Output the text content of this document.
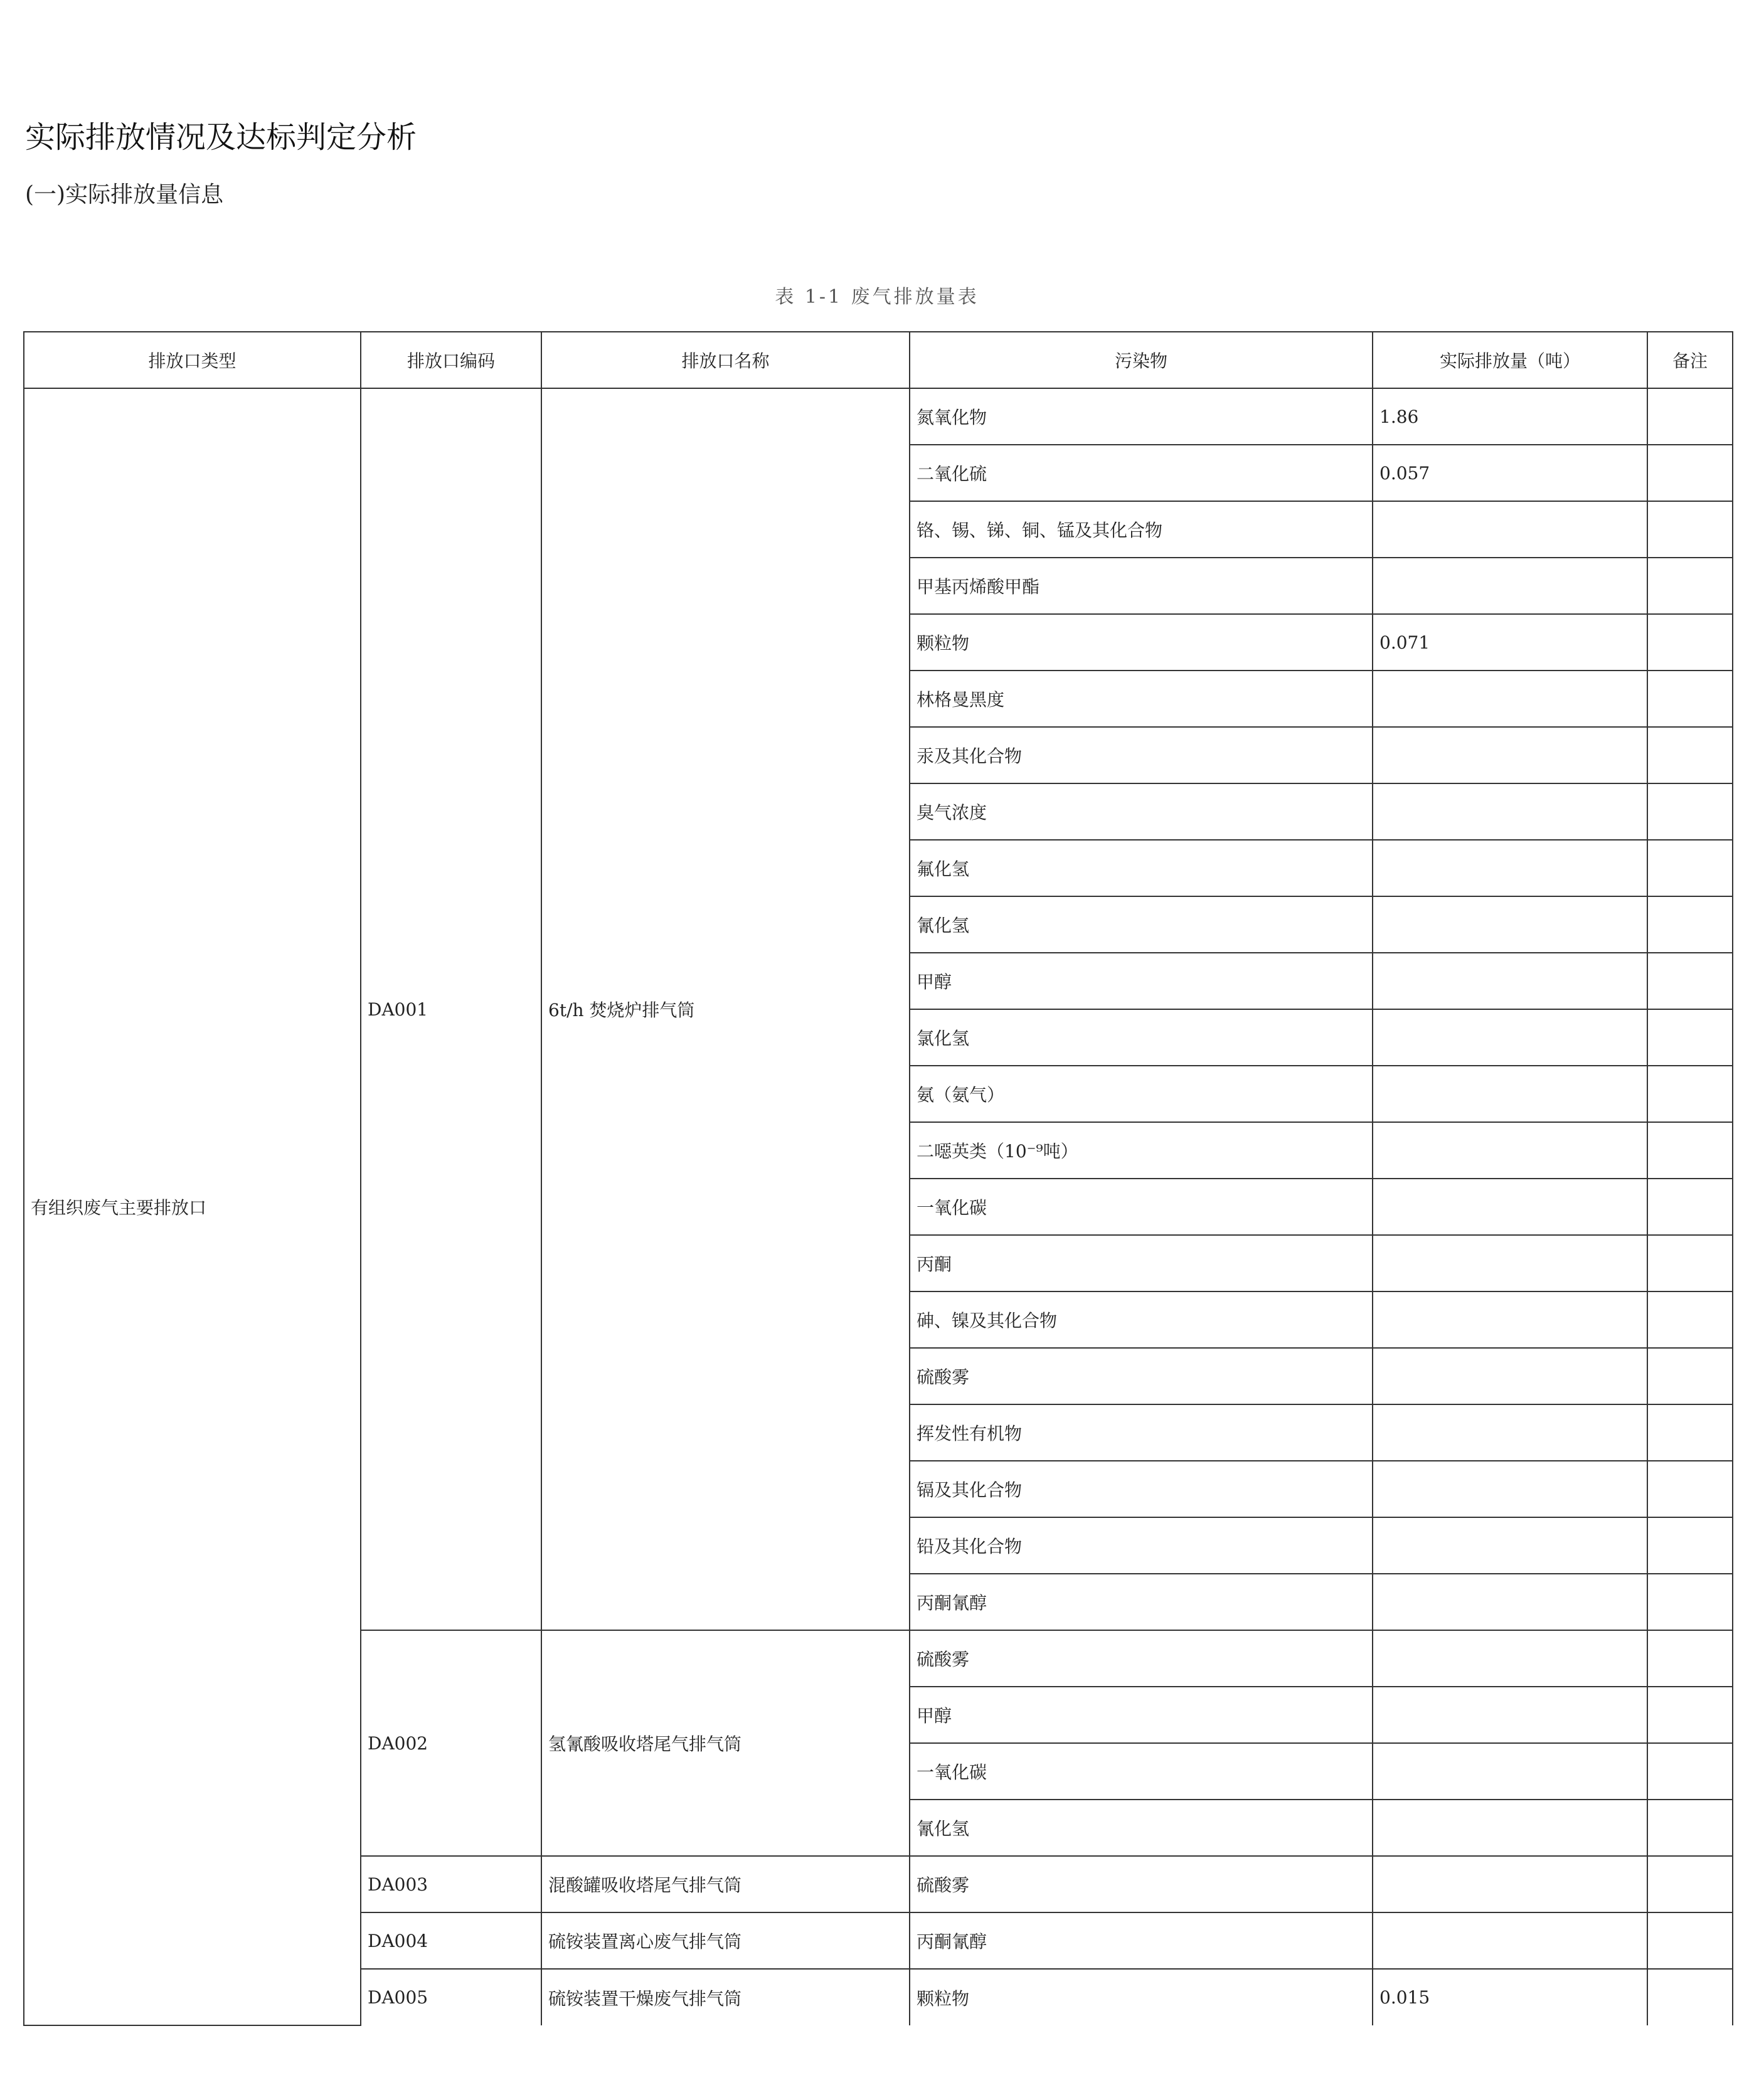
实际排放情况及达标判定分析
(一)实际排放量信息
表 1-1 废气排放量表
排放口类型	排放口编码	排放口名称	污染物	实际排放量（吨）	备注
有组织废气主要排放口	DA001	6t/h 焚烧炉排气筒	氮氧化物	1.86	
			二氧化硫	0.057	
			铬、锡、锑、铜、锰及其化合物		
			甲基丙烯酸甲酯		
			颗粒物	0.071	
			林格曼黑度		
			汞及其化合物		
			臭气浓度		
			氟化氢		
			氰化氢		
			甲醇		
			氯化氢		
			氨（氨气）		
			二噁英类（10⁻⁹吨）		
			一氧化碳		
			丙酮		
			砷、镍及其化合物		
			硫酸雾		
			挥发性有机物		
			镉及其化合物		
			铅及其化合物		
			丙酮氰醇		
	DA002	氢氰酸吸收塔尾气排气筒	硫酸雾		
			甲醇		
			一氧化碳		
			氰化氢		
	DA003	混酸罐吸收塔尾气排气筒	硫酸雾		
	DA004	硫铵装置离心废气排气筒	丙酮氰醇		
	DA005	硫铵装置干燥废气排气筒	颗粒物	0.015	
